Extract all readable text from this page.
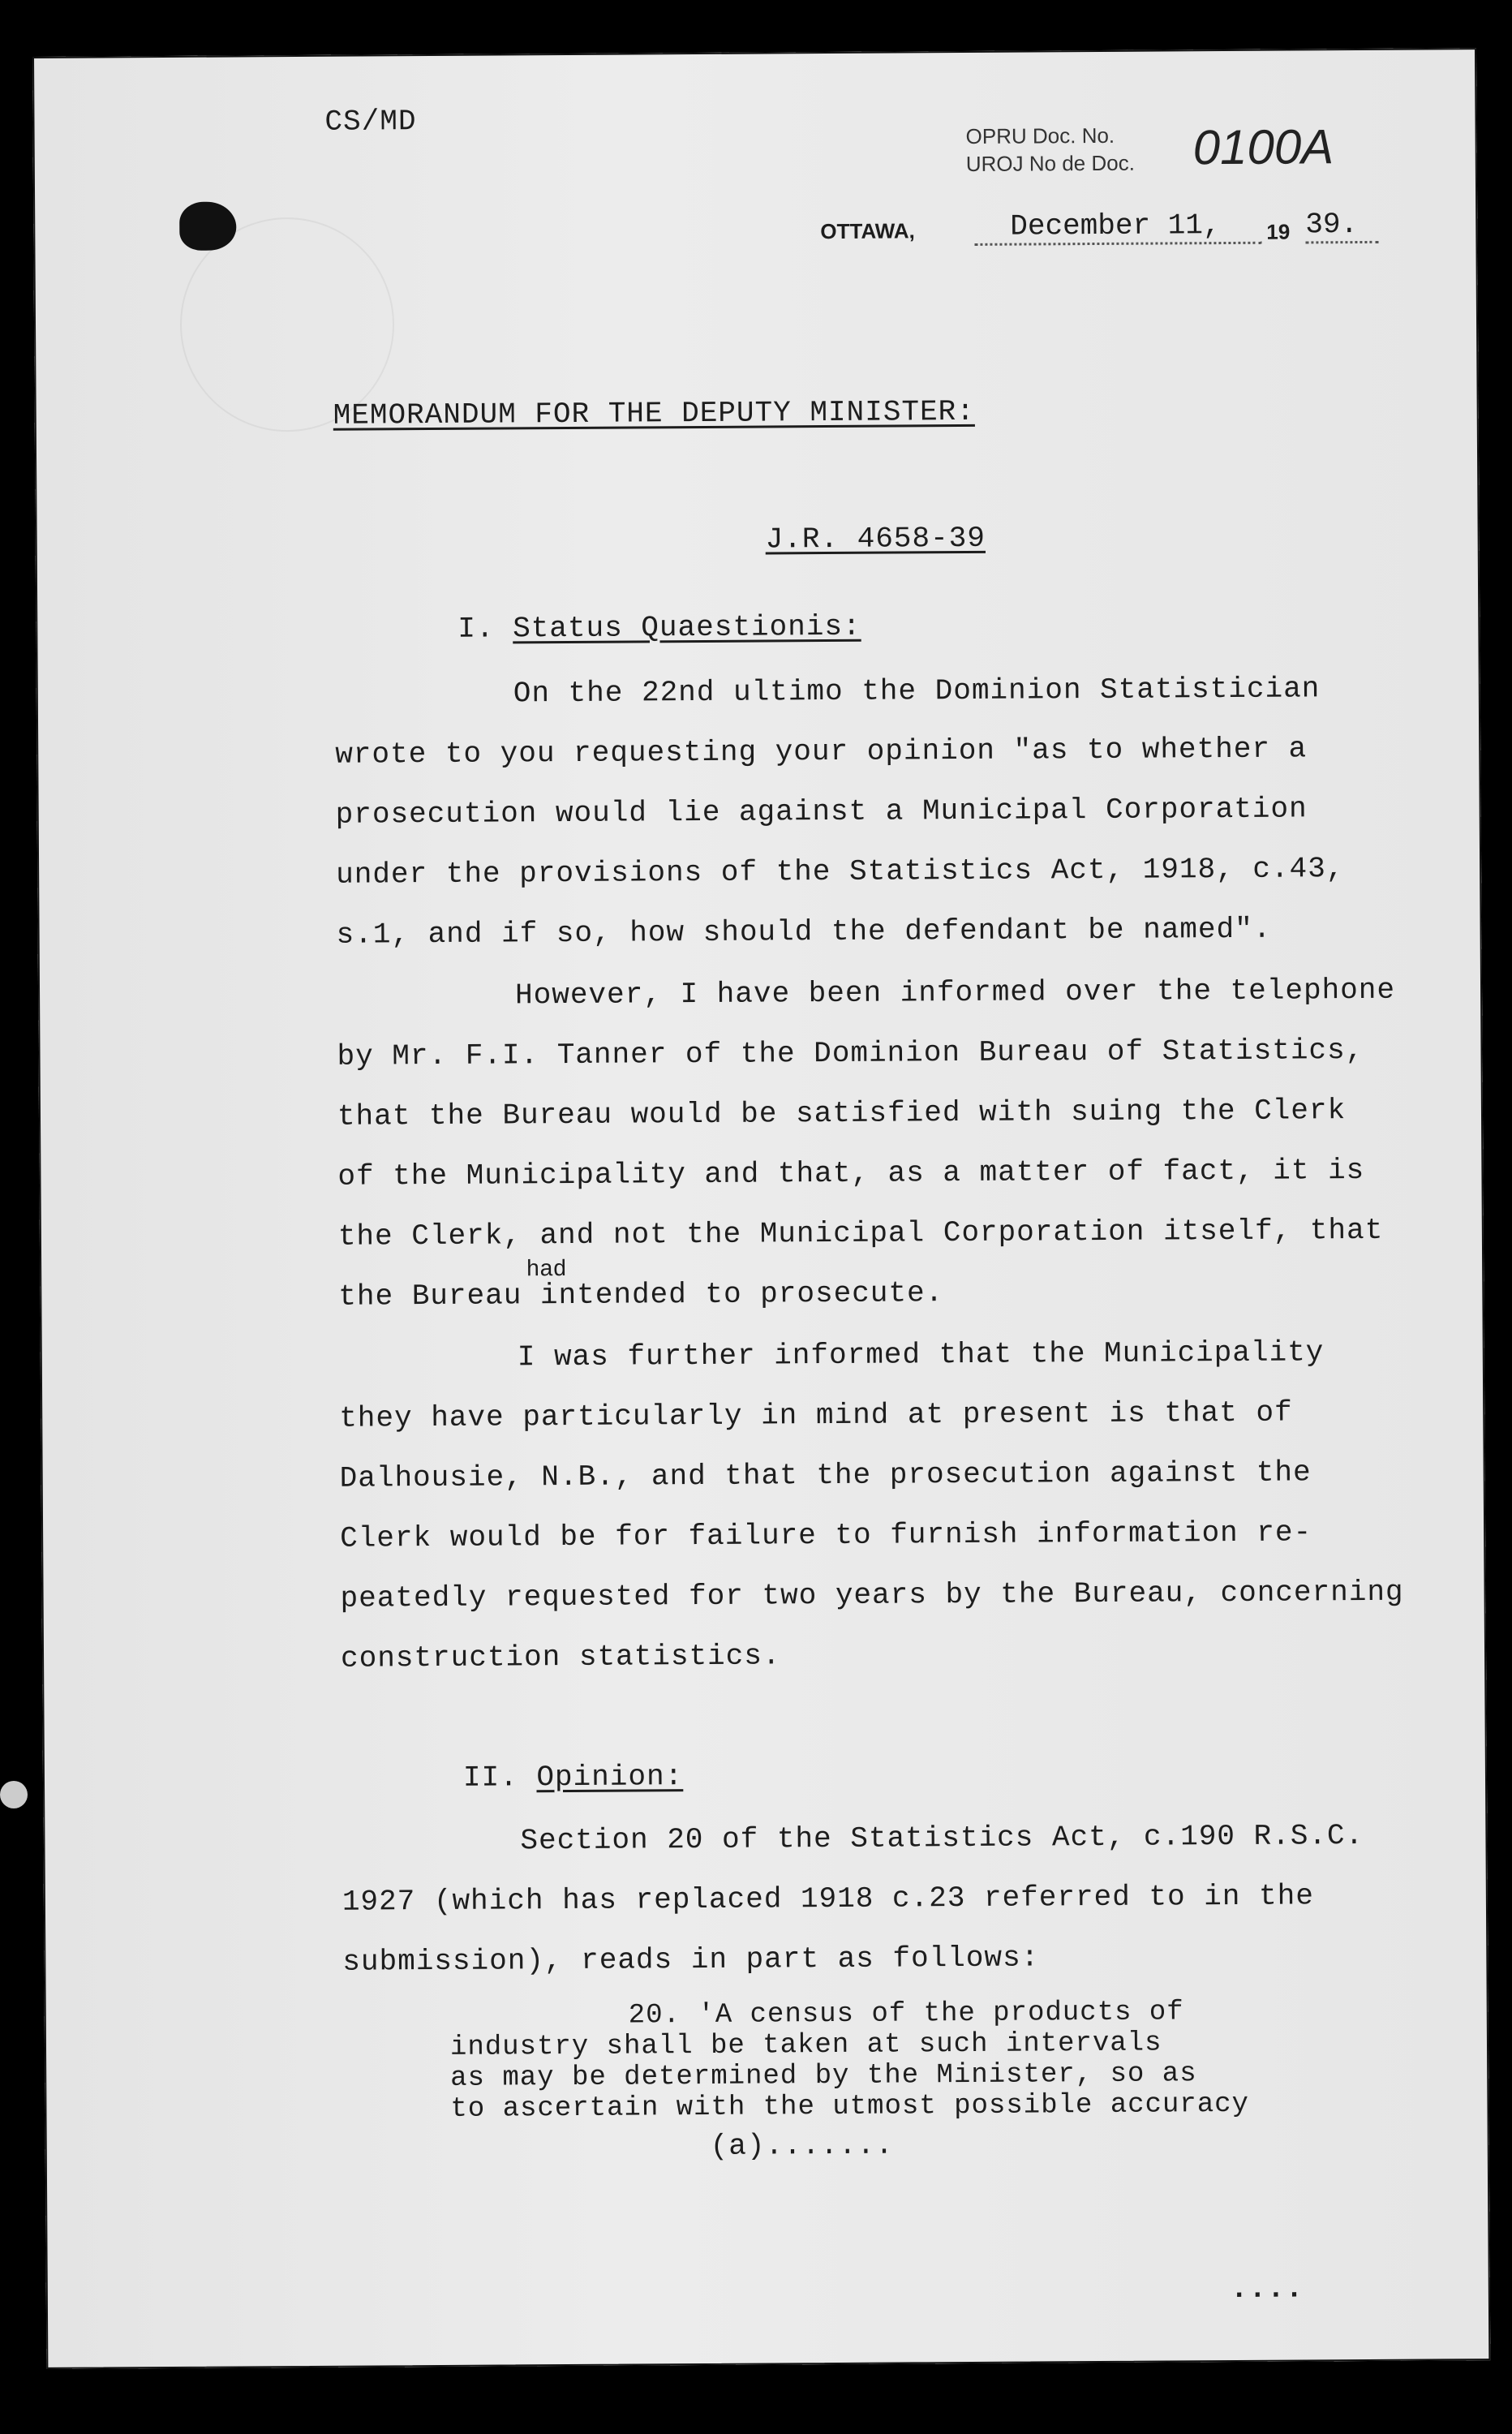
CS/MD	OPRU Doc. No.
UROJ No de Doc. 0100A
OTTAWA,	December 11,	19 39.
MEMORANDUM FOR THE DEPUTY MINISTER:
J.R. 4658-39
I. Status Quaestionis:
On the 22nd ultimo the Dominion Statistician
wrote to you requesting your opinion "as to whether a
prosecution would lie against a Municipal Corporation
under the provisions of the Statistics Act, 1918, c.43,
s.1, and if so, how should the defendant be named".
However, I have been informed over the telephone
by Mr. F.I. Tanner of the Dominion Bureau of Statistics,
that the Bureau would be satisfied with suing the Clerk
of the Municipality and that, as a matter of fact, it is
the Clerk, and not the Municipal Corporation itself, that
the Bureau
had
intended to prosecute.
I was further informed that the Municipality
they have particularly in mind at present is that of
Dalhousie, N.B., and that the prosecution against the
Clerk would be for failure to furnish information re-
peatedly requested for two years by the Bureau, concerning
construction statistics.
II. Opinion:
Section 20 of the Statistics Act, c.190 R.S.C.
1927 (which has replaced 1918 c.23 referred to in the
submission), reads in part as follows:
20. 'A census of the products of
industry shall be taken at such intervals
as may be determined by the Minister, so as
to ascertain with the utmost possible accuracy
(a).......
....
